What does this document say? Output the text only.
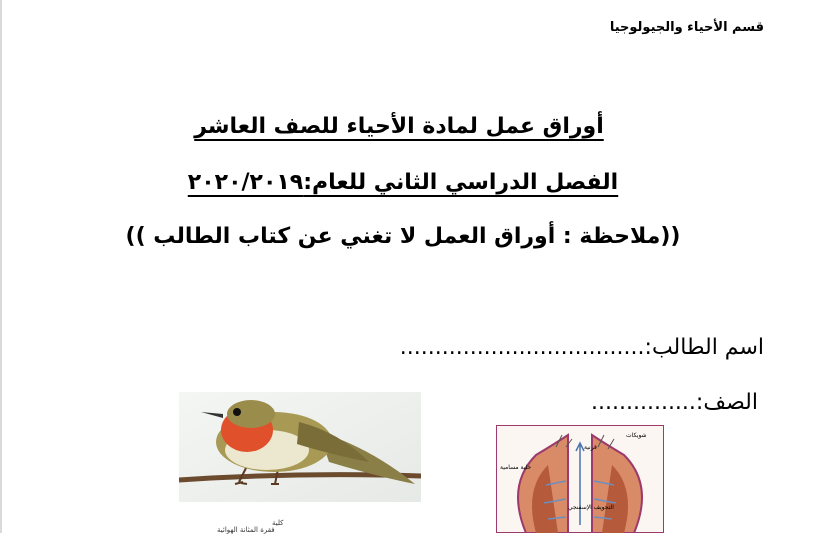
قسم الأحياء والجيولوجيا
أوراق عمل لمادة الأحياء للصف العاشر
الفصل الدراسي الثاني للعام:٢٠٢٠/٢٠١٩
((ملاحظة : أوراق العمل لا تغني عن كتاب الطالب ))
اسم الطالب:...................................
الصف:...............
شويكات
قرنية
خلية مسامية
التجويف الإسفنجي
فقرة المثانة الهوائية
كلية
